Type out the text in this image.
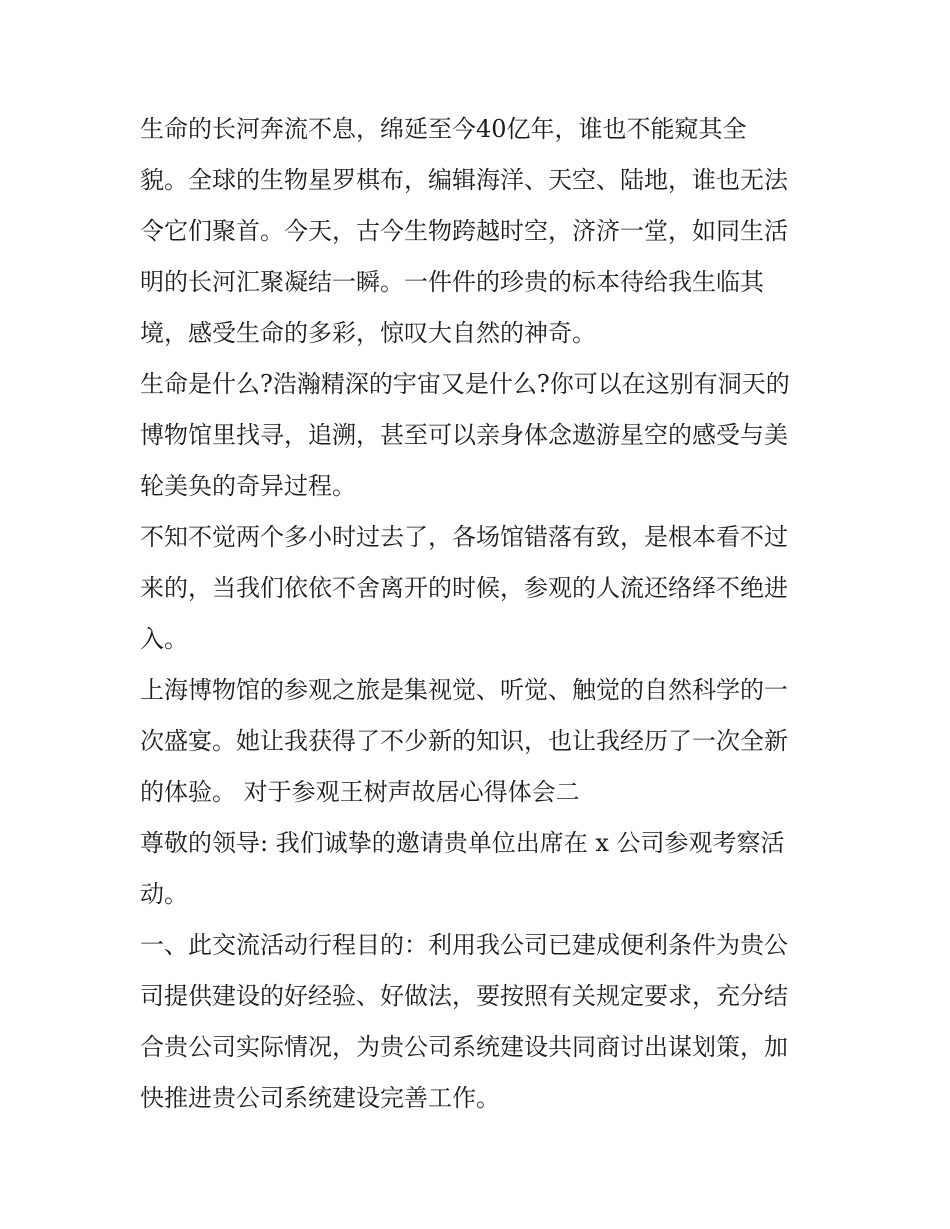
生命的长河奔流不息，绵延至今40亿年，谁也不能窥其全
貌。全球的生物星罗棋布，编辑海洋、天空、陆地，谁也无法
令它们聚首。今天，古今生物跨越时空，济济一堂，如同生活
明的长河汇聚凝结一瞬。一件件的珍贵的标本待给我生临其
境，感受生命的多彩，惊叹大自然的神奇。
生命是什么?浩瀚精深的宇宙又是什么?你可以在这别有洞天的
博物馆里找寻，追溯，甚至可以亲身体念遨游星空的感受与美
轮美奂的奇异过程。
不知不觉两个多小时过去了，各场馆错落有致，是根本看不过
来的，当我们依依不舍离开的时候，参观的人流还络绎不绝进
入。
上海博物馆的参观之旅是集视觉、听觉、触觉的自然科学的一
次盛宴。她让我获得了不少新的知识，也让我经历了一次全新
的体验。 对于参观王树声故居心得体会二
尊敬的领导: 我们诚挚的邀请贵单位出席在 x 公司参观考察活
动。
一、此交流活动行程目的：利用我公司已建成便利条件为贵公
司提供建设的好经验、好做法，要按照有关规定要求，充分结
合贵公司实际情况，为贵公司系统建设共同商讨出谋划策，加
快推进贵公司系统建设完善工作。
